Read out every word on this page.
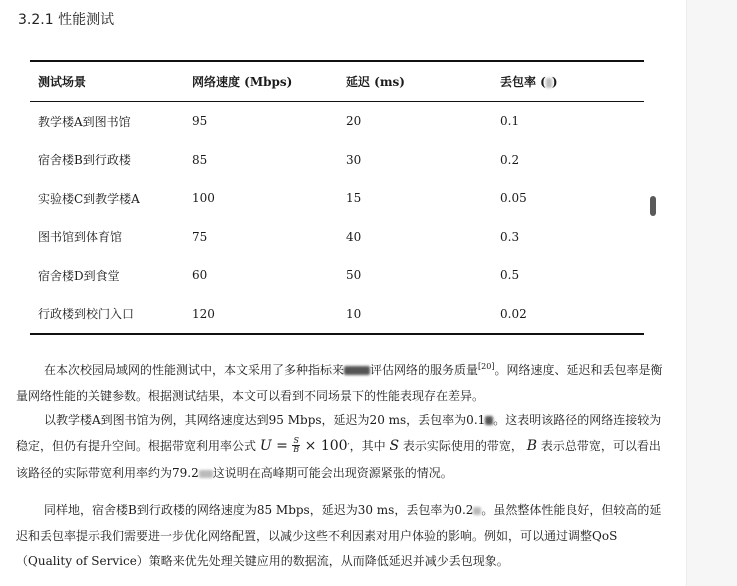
3.2.1 性能测试
测试场景	网络速度 (Mbps)	延迟 (ms)	丢包率 ( )
教学楼A到图书馆	95	20	0.1
宿舍楼B到行政楼	85	30	0.2
实验楼C到教学楼A	100	15	0.05
图书馆到体育馆	75	40	0.3
宿舍楼D到食堂	60	50	0.5
行政楼到校门入口	120	10	0.02

在本次校园局域网的性能测试中，本文采用了多种指标来 评估网络的服务质量[20]。网络速度、延迟和丢包率是衡量网络性能的关键参数。根据测试结果，本文可以看到不同场景下的性能表现存在差异。

以教学楼A到图书馆为例，其网络速度达到95 Mbps，延迟为20 ms，丢包率为0.1 。这表明该路径的网络连接较为稳定，但仍有提升空间。根据带宽利用率公式 $U = \frac{S}{B} \times 100'$，其中 S 表示实际使用的带宽， B 表示总带宽，可以看出该路径的实际带宽利用率约为79.2 这说明在高峰期可能会出现资源紧张的情况。

同样地，宿舍楼B到行政楼的网络速度为85 Mbps，延迟为30 ms，丢包率为0.2 。虽然整体性能良好，但较高的延迟和丢包率提示我们需要进一步优化网络配置，以减少这些不利因素对用户体验的影响。例如，可以通过调整QoS（Quality of Service）策略来优先处理关键应用的数据流，从而降低延迟并减少丢包现象。
